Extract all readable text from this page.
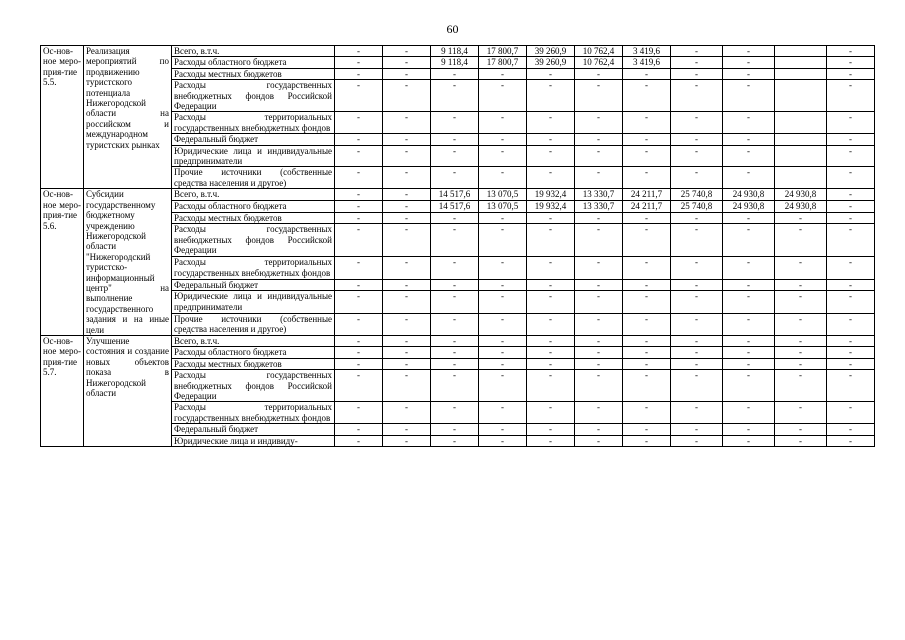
60
Ос-нов-ное меро-прия-тие 5.5.	Реализация мероприятий по продвижению туристского потенциала Нижегородской области на российском и международном туристских рынках	Всего, в.т.ч.	-	-	9 118,4	17 800,7	39 260,9	10 762,4	3 419,6	-	-		-
		Расходы областного бюджета	-	-	9 118,4	17 800,7	39 260,9	10 762,4	3 419,6	-	-		-
		Расходы местных бюджетов	-	-	-	-	-	-	-	-	-		-
		Расходы государственных внебюджетных фондов Российской Федерации	-	-	-	-	-	-	-	-	-		-
		Расходы территориальных государственных внебюджетных фондов	-	-	-	-	-	-	-	-	-		-
		Федеральный бюджет	-	-	-	-	-	-	-	-	-		-
		Юридические лица и индивидуальные предприниматели	-	-	-	-	-	-	-	-	-		-
		Прочие источники (собственные средства населения и другое)	-	-	-	-	-	-	-	-	-		-
Ос-нов-ное меро-прия-тие 5.6.	Субсидии государственному бюджетному учреждению Нижегородской области "Нижегородский туристско-информационный центр" на выполнение государственного задания и на иные цели	Всего, в.т.ч.	-	-	14 517,6	13 070,5	19 932,4	13 330,7	24 211,7	25 740,8	24 930,8	24 930,8	-
		Расходы областного бюджета	-	-	14 517,6	13 070,5	19 932,4	13 330,7	24 211,7	25 740,8	24 930,8	24 930,8	-
		Расходы местных бюджетов	-	-	-	-	-	-	-	-	-	-	-
		Расходы государственных внебюджетных фондов Российской Федерации	-	-	-	-	-	-	-	-	-	-	-
		Расходы территориальных государственных внебюджетных фондов	-	-	-	-	-	-	-	-	-	-	-
		Федеральный бюджет	-	-	-	-	-	-	-	-	-	-	-
		Юридические лица и индивидуальные предприниматели	-	-	-	-	-	-	-	-	-	-	-
		Прочие источники (собственные средства населения и другое)	-	-	-	-	-	-	-	-	-	-	-
Ос-нов-ное меро-прия-тие 5.7.	Улучшение состояния и создание новых объектов показа в Нижегородской области	Всего, в.т.ч.	-	-	-	-	-	-	-	-	-	-	-
		Расходы областного бюджета	-	-	-	-	-	-	-	-	-	-	-
		Расходы местных бюджетов	-	-	-	-	-	-	-	-	-	-	-
		Расходы государственных внебюджетных фондов Российской Федерации	-	-	-	-	-	-	-	-	-	-	-
		Расходы территориальных государственных внебюджетных фондов	-	-	-	-	-	-	-	-	-	-	-
		Федеральный бюджет	-	-	-	-	-	-	-	-	-	-	-
		Юридические лица и индивиду-	-	-	-	-	-	-	-	-	-	-	-
